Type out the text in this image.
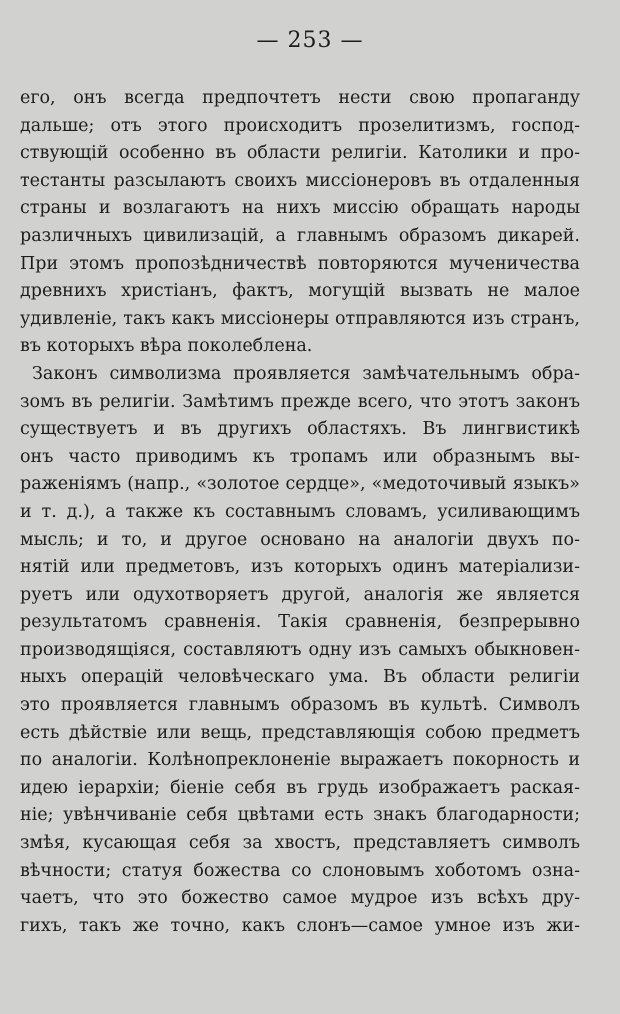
— 253 —
его, онъ всегда предпочтетъ нести свою пропаганду
дальше; отъ этого происходитъ прозелитизмъ, господ-
ствующій особенно въ области религіи. Католики и про-
тестанты разсылаютъ своихъ миссіонеровъ въ отдаленныя
страны и возлагаютъ на нихъ миссію обращать народы
различныхъ цивилизацій, а главнымъ образомъ дикарей.
При этомъ пропозѣдничествѣ повторяются мученичества
древнихъ христіанъ, фактъ, могущій вызвать не малое
удивленіе, такъ какъ миссіонеры отправляются изъ странъ,
въ которыхъ вѣра поколеблена.
Законъ символизма проявляется замѣчательнымъ обра-
зомъ въ религіи. Замѣтимъ прежде всего, что этотъ законъ
существуетъ и въ другихъ областяхъ. Въ лингвистикѣ
онъ часто приводимъ къ тропамъ или образнымъ вы-
раженіямъ (напр., «золотое сердце», «медоточивый языкъ»
и т. д.), а также къ составнымъ словамъ, усиливающимъ
мысль; и то, и другое основано на аналогіи двухъ по-
нятій или предметовъ, изъ которыхъ одинъ матеріализи-
руетъ или одухотворяетъ другой, аналогія же является
результатомъ сравненія. Такія сравненія, безпрерывно
производящіяся, составляютъ одну изъ самыхъ обыкновен-
ныхъ операцій человѣческаго ума. Въ области религіи
это проявляется главнымъ образомъ въ культѣ. Символъ
есть дѣйствіе или вещь, представляющія собою предметъ
по аналогіи. Колѣнопреклоненіе выражаетъ покорность и
идею іерархіи; біеніе себя въ грудь изображаетъ раская-
ніе; увѣнчиваніе себя цвѣтами есть знакъ благодарности;
змѣя, кусающая себя за хвостъ, представляетъ символъ
вѣчности; статуя божества со слоновымъ хоботомъ озна-
чаетъ, что это божество самое мудрое изъ всѣхъ дру-
гихъ, такъ же точно, какъ слонъ—самое умное изъ жи-
